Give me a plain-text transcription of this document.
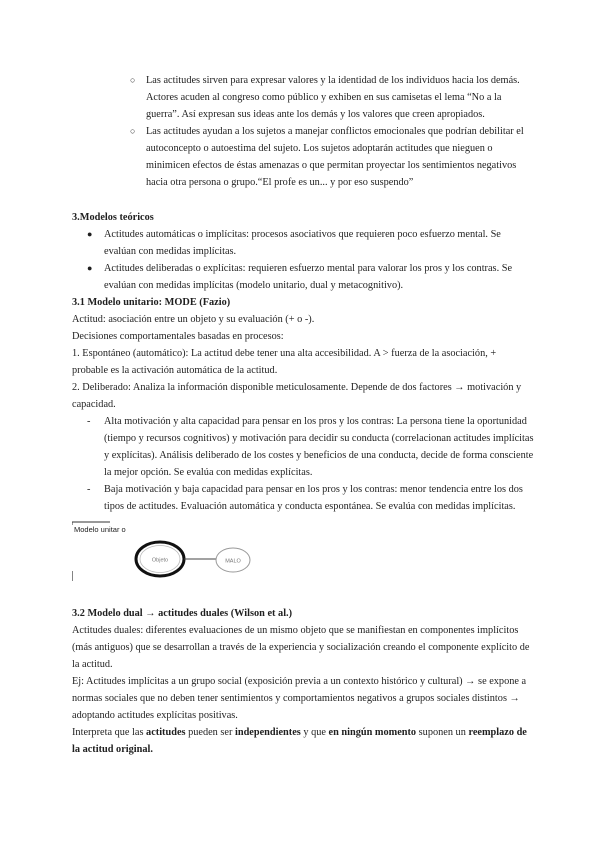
○ Las actitudes sirven para expresar valores y la identidad de los individuos hacia los demás. Actores acuden al congreso como público y exhiben en sus camisetas el lema “No a la guerra”. Así expresan sus ideas ante los demás y los valores que creen apropiados.

○ Las actitudes ayudan a los sujetos a manejar conflictos emocionales que podrían debilitar el autoconcepto o autoestima del sujeto. Los sujetos adoptarán actitudes que nieguen o minimicen efectos de éstas amenazas o que permitan proyectar los sentimientos negativos hacia otra persona o grupo.“El profe es un... y por eso suspendo”

3.Modelos teóricos

● Actitudes automáticas o implícitas: procesos asociativos que requieren poco esfuerzo mental. Se evalúan con medidas implícitas.

● Actitudes deliberadas o explícitas: requieren esfuerzo mental para valorar los pros y los contras. Se evalúan con medidas implícitas (modelo unitario, dual y metacognitivo).

3.1 Modelo unitario: MODE (Fazio)

Actitud: asociación entre un objeto y su evaluación (+ o -).

Decisiones comportamentales basadas en procesos:

1. Espontáneo (automático): La actitud debe tener una alta accesibilidad. A > fuerza de la asociación, + probable es la activación automática de la actitud.

2. Deliberado: Analiza la información disponible meticulosamente. Depende de dos factores → motivación y capacidad.

- Alta motivación y alta capacidad para pensar en los pros y los contras: La persona tiene la oportunidad (tiempo y recursos cognitivos) y motivación para decidir su conducta (correlacionan actitudes implícitas y explícitas). Análisis deliberado de los costes y beneficios de una conducta, decide de forma consciente la mejor opción. Se evalúa con medidas explícitas.

- Baja motivación y baja capacidad para pensar en los pros y los contras: menor tendencia entre los dos tipos de actitudes. Evaluación automática y conducta espontánea. Se evalúa con medidas implícitas.

Objeto	MALO
Modelo unitar o

3.2 Modelo dual → actitudes duales (Wilson et al.)

Actitudes duales: diferentes evaluaciones de un mismo objeto que se manifiestan en componentes implícitos (más antiguos) que se desarrollan a través de la experiencia y socialización creando el componente explícito de la actitud.

Ej: Actitudes implícitas a un grupo social (exposición previa a un contexto histórico y cultural) → se expone a normas sociales que no deben tener sentimientos y comportamientos negativos a grupos sociales distintos → adoptando actitudes explícitas positivas.

Interpreta que las actitudes pueden ser independientes y que en ningún momento suponen un reemplazo de la actitud original.
